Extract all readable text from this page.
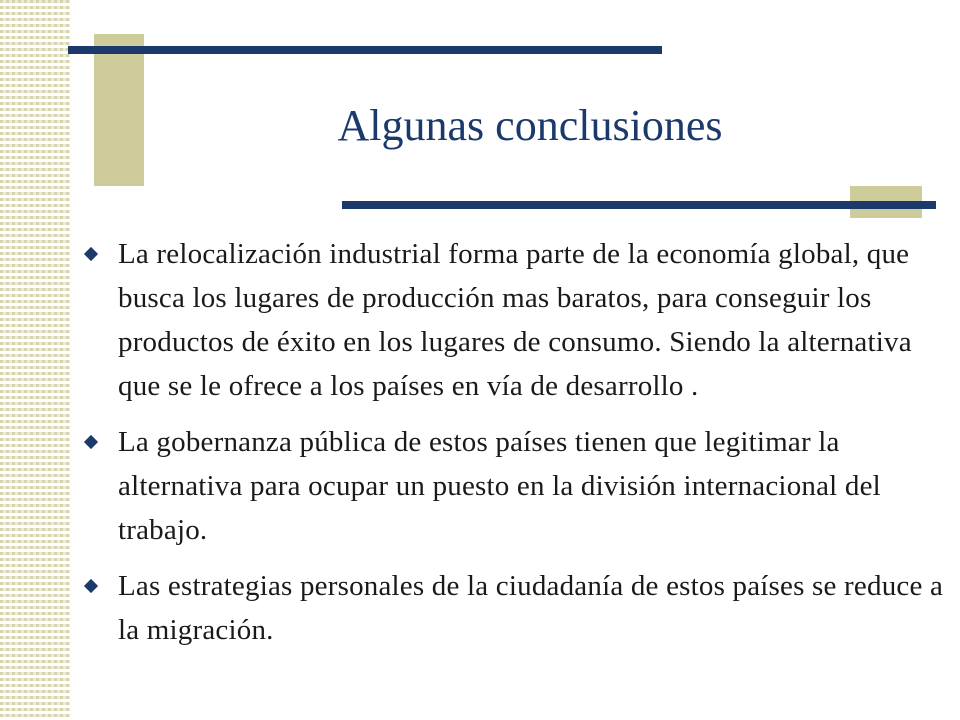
Algunas conclusiones
La relocalización industrial forma parte de la economía global, que busca los lugares de producción mas baratos, para conseguir los productos de éxito en los lugares de consumo. Siendo la alternativa que se le ofrece a los países en vía de desarrollo .
La gobernanza pública de estos países tienen que legitimar la alternativa para ocupar un puesto en la división internacional del trabajo.
Las estrategias personales de la ciudadanía de estos países se reduce a la migración.
